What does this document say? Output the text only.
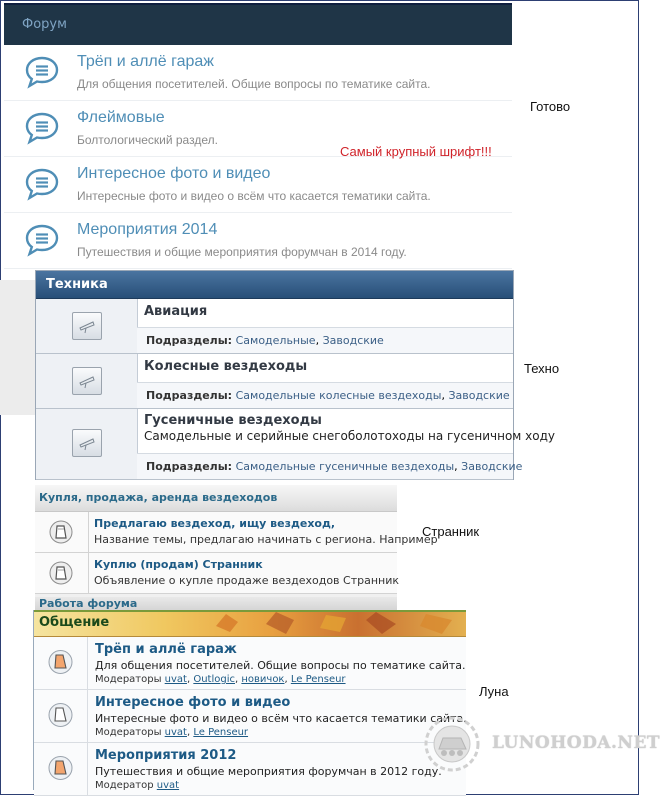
Форум
Трёп и аллё гараж
Для общения посетителей. Общие вопросы по тематике сайта.
Флеймовые
Болтологический раздел.
Интересное фото и видео
Интересные фото и видео о всём что касается тематики сайта.
Мероприятия 2014
Путешествия и общие мероприятия форумчан в 2014 году.
Самый крупный шрифт!!!
Готово
Техника
Авиация
Подразделы: Самодельные, Заводские
Колесные вездеходы
Подразделы: Самодельные колесные вездеходы, Заводские
Гусеничные вездеходы
Самодельные и серийные снегоболотоходы на гусеничном ходу
Подразделы: Самодельные гусеничные вездеходы, Заводские
Техно
Купля, продажа, аренда вездеходов
Предлагаю вездеход, ищу вездеход,
Название темы, предлагаю начинать с региона. Например
Куплю (продам) Странник
Объявление о купле продаже вездеходов Странник
Работа форума
Странник
Общение
Трёп и аллё гараж
Для общения посетителей. Общие вопросы по тематике сайта.
Модераторы uvat, Outlogic, новичок, Le Penseur
Интересное фото и видео
Интересные фото и видео о всём что касается тематики сайта.
Модераторы uvat, Le Penseur
Мероприятия 2012
Путешествия и общие мероприятия форумчан в 2012 году.
Модератор uvat
Луна
LUNOHODA.NET
